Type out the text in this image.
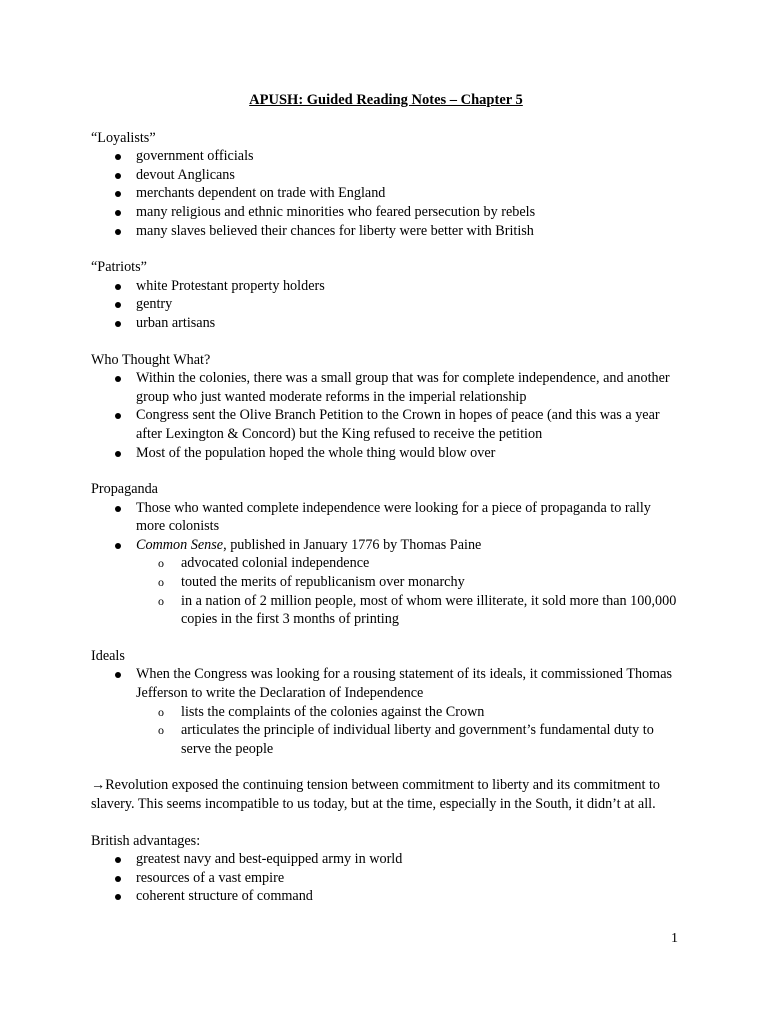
APUSH: Guided Reading Notes – Chapter 5
“Loyalists”
government officials
devout Anglicans
merchants dependent on trade with England
many religious and ethnic minorities who feared persecution by rebels
many slaves believed their chances for liberty were better with British
“Patriots”
white Protestant property holders
gentry
urban artisans
Who Thought What?
Within the colonies, there was a small group that was for complete independence, and another group who just wanted moderate reforms in the imperial relationship
Congress sent the Olive Branch Petition to the Crown in hopes of peace (and this was a year after Lexington & Concord) but the King refused to receive the petition
Most of the population hoped the whole thing would blow over
Propaganda
Those who wanted complete independence were looking for a piece of propaganda to rally more colonists
Common Sense, published in January 1776 by Thomas Paine
o advocated colonial independence
o touted the merits of republicanism over monarchy
o in a nation of 2 million people, most of whom were illiterate, it sold more than 100,000 copies in the first 3 months of printing
Ideals
When the Congress was looking for a rousing statement of its ideals, it commissioned Thomas Jefferson to write the Declaration of Independence
o lists the complaints of the colonies against the Crown
o articulates the principle of individual liberty and government’s fundamental duty to serve the people
→Revolution exposed the continuing tension between commitment to liberty and its commitment to slavery. This seems incompatible to us today, but at the time, especially in the South, it didn’t at all.
British advantages:
greatest navy and best-equipped army in world
resources of a vast empire
coherent structure of command
1
